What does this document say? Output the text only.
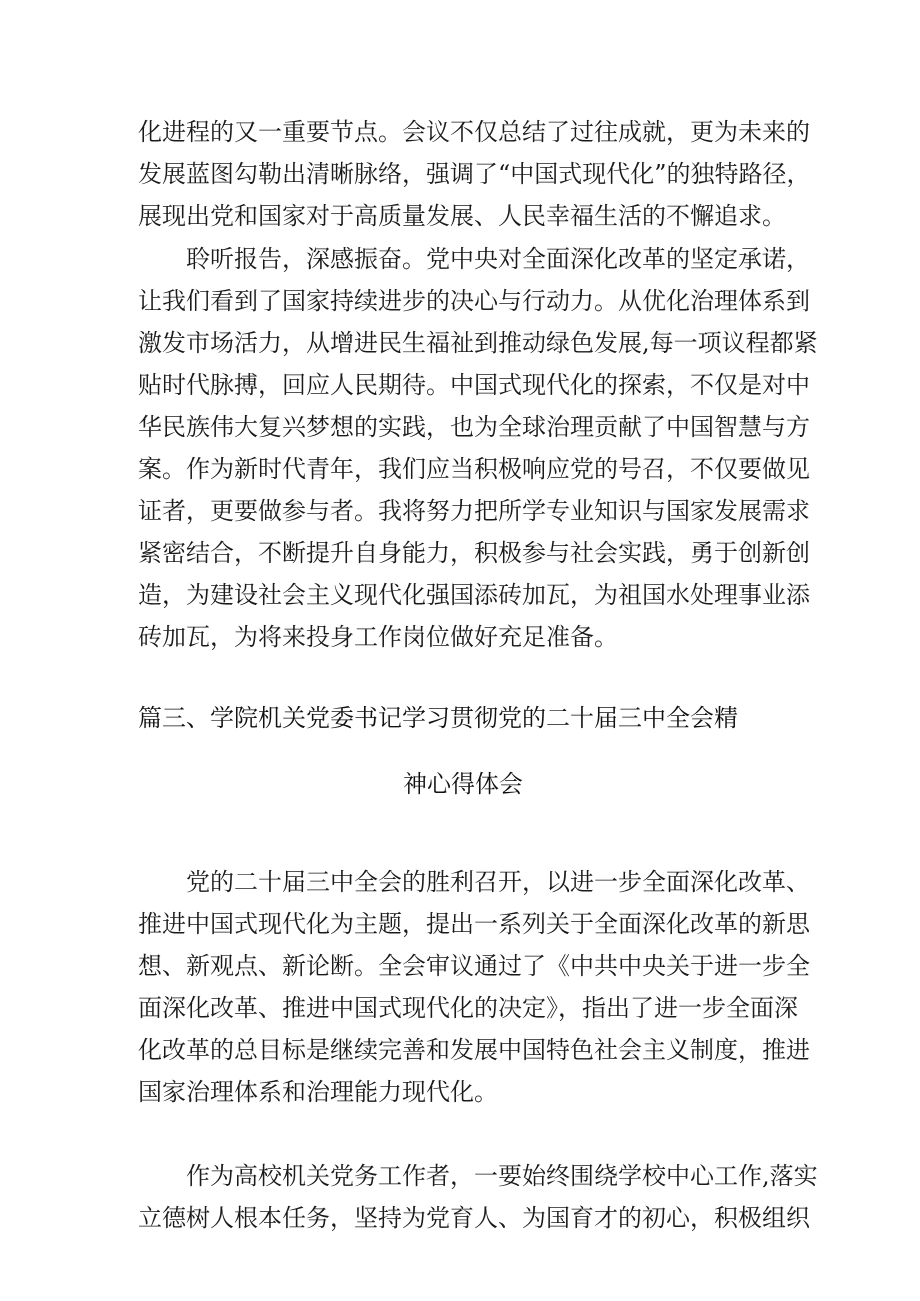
化进程的又一重要节点。会议不仅总结了过往成就，更为未来的
发展蓝图勾勒出清晰脉络，强调了“中国式现代化”的独特路径，
展现出党和国家对于高质量发展、人民幸福生活的不懈追求。
聆听报告，深感振奋。党中央对全面深化改革的坚定承诺，
让我们看到了国家持续进步的决心与行动力。从优化治理体系到
激发市场活力，从增进民生福祉到推动绿色发展,每一项议程都紧
贴时代脉搏，回应人民期待。中国式现代化的探索，不仅是对中
华民族伟大复兴梦想的实践，也为全球治理贡献了中国智慧与方
案。作为新时代青年，我们应当积极响应党的号召，不仅要做见
证者，更要做参与者。我将努力把所学专业知识与国家发展需求
紧密结合，不断提升自身能力，积极参与社会实践，勇于创新创
造，为建设社会主义现代化强国添砖加瓦，为祖国水处理事业添
砖加瓦，为将来投身工作岗位做好充足准备。
篇三、学院机关党委书记学习贯彻党的二十届三中全会精
神心得体会
党的二十届三中全会的胜利召开，以进一步全面深化改革、
推进中国式现代化为主题，提出一系列关于全面深化改革的新思
想、新观点、新论断。全会审议通过了《中共中央关于进一步全
面深化改革、推进中国式现代化的决定》，指出了进一步全面深
化改革的总目标是继续完善和发展中国特色社会主义制度，推进
国家治理体系和治理能力现代化。
作为高校机关党务工作者，一要始终围绕学校中心工作,落实
立德树人根本任务，坚持为党育人、为国育才的初心，积极组织
